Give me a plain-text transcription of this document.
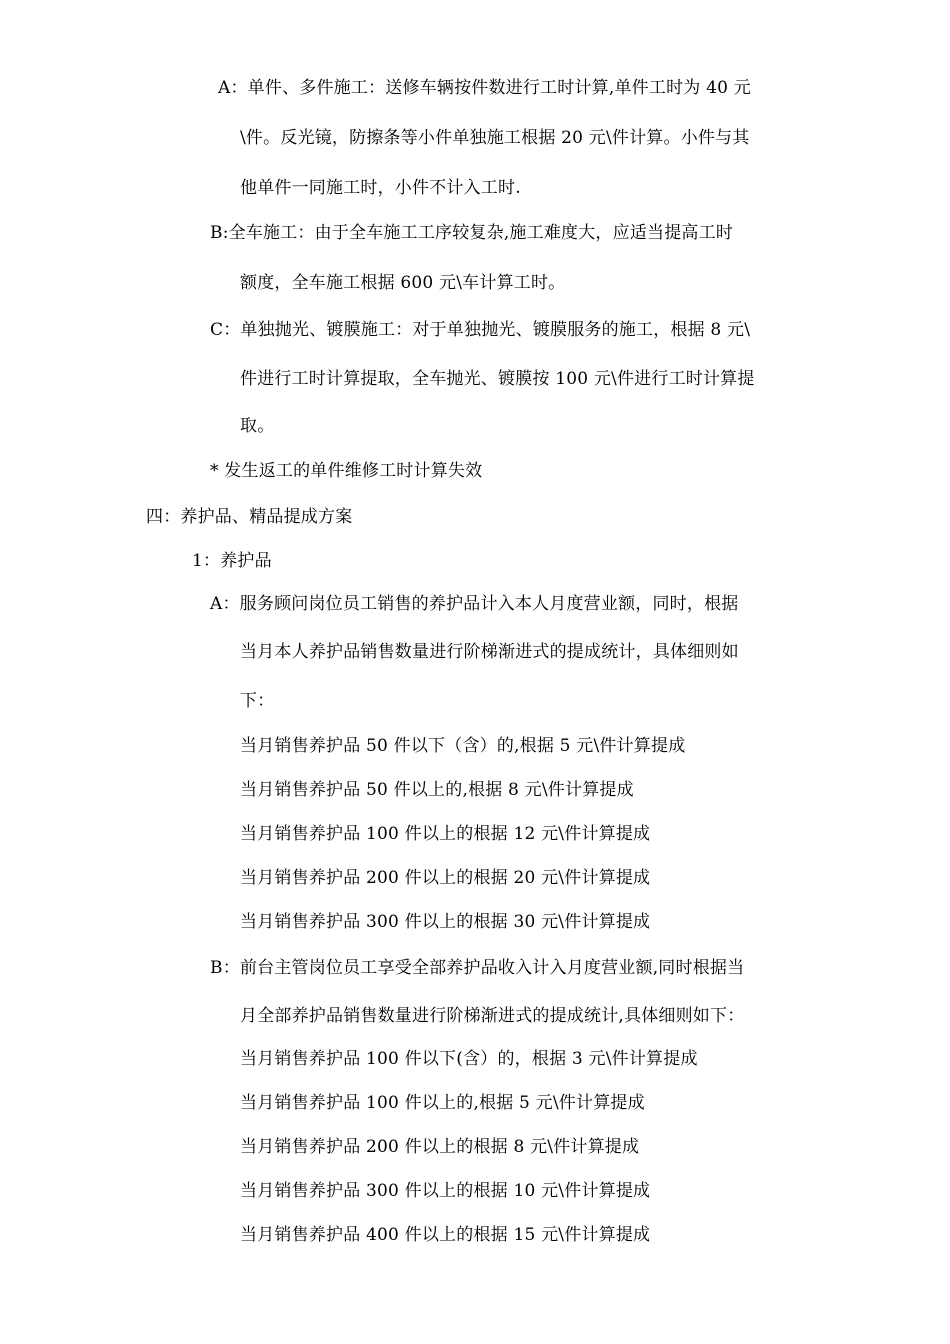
A：单件、多件施工：送修车辆按件数进行工时计算,单件工时为 40 元
\件。反光镜，防擦条等小件单独施工根据 20 元\件计算。小件与其
他单件一同施工时，小件不计入工时.
B:全车施工：由于全车施工工序较复杂,施工难度大，应适当提高工时
额度，全车施工根据 600 元\车计算工时。
C：单独抛光、镀膜施工：对于单独抛光、镀膜服务的施工，根据 8 元\
件进行工时计算提取，全车抛光、镀膜按 100 元\件进行工时计算提
取。
* 发生返工的单件维修工时计算失效
四：养护品、精品提成方案
1：养护品
A：服务顾问岗位员工销售的养护品计入本人月度营业额，同时，根据
当月本人养护品销售数量进行阶梯渐进式的提成统计，具体细则如
下：
当月销售养护品 50 件以下（含）的,根据 5 元\件计算提成
当月销售养护品 50 件以上的,根据 8 元\件计算提成
当月销售养护品 100 件以上的根据 12 元\件计算提成
当月销售养护品 200 件以上的根据 20 元\件计算提成
当月销售养护品 300 件以上的根据 30 元\件计算提成
B：前台主管岗位员工享受全部养护品收入计入月度营业额,同时根据当
月全部养护品销售数量进行阶梯渐进式的提成统计,具体细则如下：
当月销售养护品 100 件以下(含）的，根据 3 元\件计算提成
当月销售养护品 100 件以上的,根据 5 元\件计算提成
当月销售养护品 200 件以上的根据 8 元\件计算提成
当月销售养护品 300 件以上的根据 10 元\件计算提成
当月销售养护品 400 件以上的根据 15 元\件计算提成
